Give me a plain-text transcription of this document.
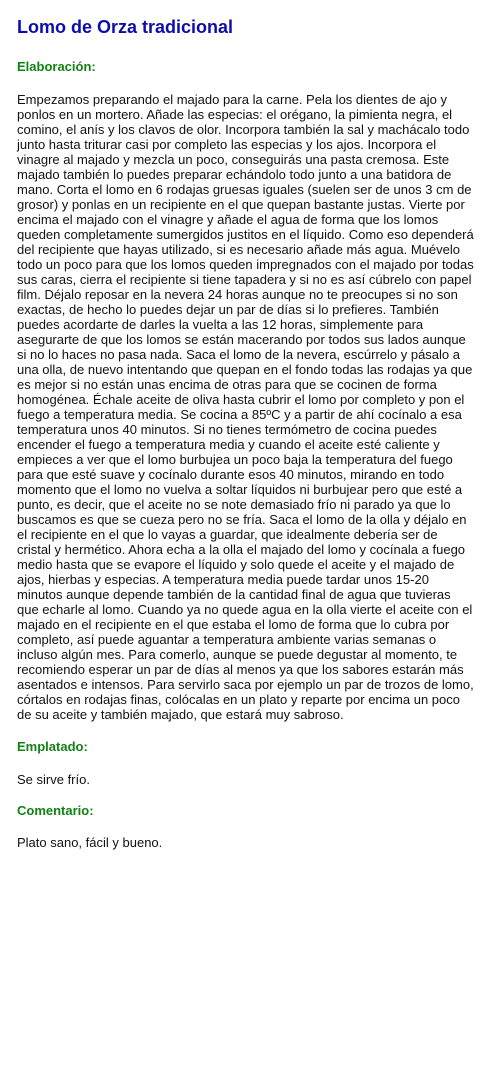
Lomo de Orza tradicional
Elaboración:

Empezamos preparando el majado para la carne. Pela los dientes de ajo y ponlos en un mortero. Añade las especias: el orégano, la pimienta negra, el comino, el anís y los clavos de olor. Incorpora también la sal y machácalo todo junto hasta triturar casi por completo las especias y los ajos. Incorpora el vinagre al majado y mezcla un poco, conseguirás una pasta cremosa. Este majado también lo puedes preparar echándolo todo junto a una batidora de mano. Corta el lomo en 6 rodajas gruesas iguales (suelen ser de unos 3 cm de grosor) y ponlas en un recipiente en el que quepan bastante justas. Vierte por encima el majado con el vinagre y añade el agua de forma que los lomos queden completamente sumergidos justitos en el líquido. Como eso dependerá del recipiente que hayas utilizado, si es necesario añade más agua. Muévelo todo un poco para que los lomos queden impregnados con el majado por todas sus caras, cierra el recipiente si tiene tapadera y si no es así cúbrelo con papel film. Déjalo reposar en la nevera 24 horas aunque no te preocupes si no son exactas, de hecho lo puedes dejar un par de días si lo prefieres. También puedes acordarte de darles la vuelta a las 12 horas, simplemente para asegurarte de que los lomos se están macerando por todos sus lados aunque si no lo haces no pasa nada. Saca el lomo de la nevera, escúrrelo y pásalo a una olla, de nuevo intentando que quepan en el fondo todas las rodajas ya que es mejor si no están unas encima de otras para que se cocinen de forma homogénea. Échale aceite de oliva hasta cubrir el lomo por completo y pon el fuego a temperatura media. Se cocina a 85ºC y a partir de ahí cocínalo a esa temperatura unos 40 minutos. Si no tienes termómetro de cocina puedes encender el fuego a temperatura media y cuando el aceite esté caliente y empieces a ver que el lomo burbujea un poco baja la temperatura del fuego para que esté suave y cocínalo durante esos 40 minutos, mirando en todo momento que el lomo no vuelva a soltar líquidos ni burbujear pero que esté a punto, es decir, que el aceite no se note demasiado frío ni parado ya que lo buscamos es que se cueza pero no se fría. Saca el lomo de la olla y déjalo en el recipiente en el que lo vayas a guardar, que idealmente debería ser de cristal y hermético. Ahora echa a la olla el majado del lomo y cocínala a fuego medio hasta que se evapore el líquido y solo quede el aceite y el majado de ajos, hierbas y especias. A temperatura media puede tardar unos 15-20 minutos aunque depende también de la cantidad final de agua que tuvieras que echarle al lomo. Cuando ya no quede agua en la olla vierte el aceite con el majado en el recipiente en el que estaba el lomo de forma que lo cubra por completo, así puede aguantar a temperatura ambiente varias semanas o incluso algún mes. Para comerlo, aunque se puede degustar al momento, te recomiendo esperar un par de días al menos ya que los sabores estarán más asentados e intensos. Para servirlo saca por ejemplo un par de trozos de lomo, córtalos en rodajas finas, colócalas en un plato y reparte por encima un poco de su aceite y también majado, que estará muy sabroso.

Emplatado:

Se sirve frío.

Comentario:

Plato sano, fácil y bueno.
